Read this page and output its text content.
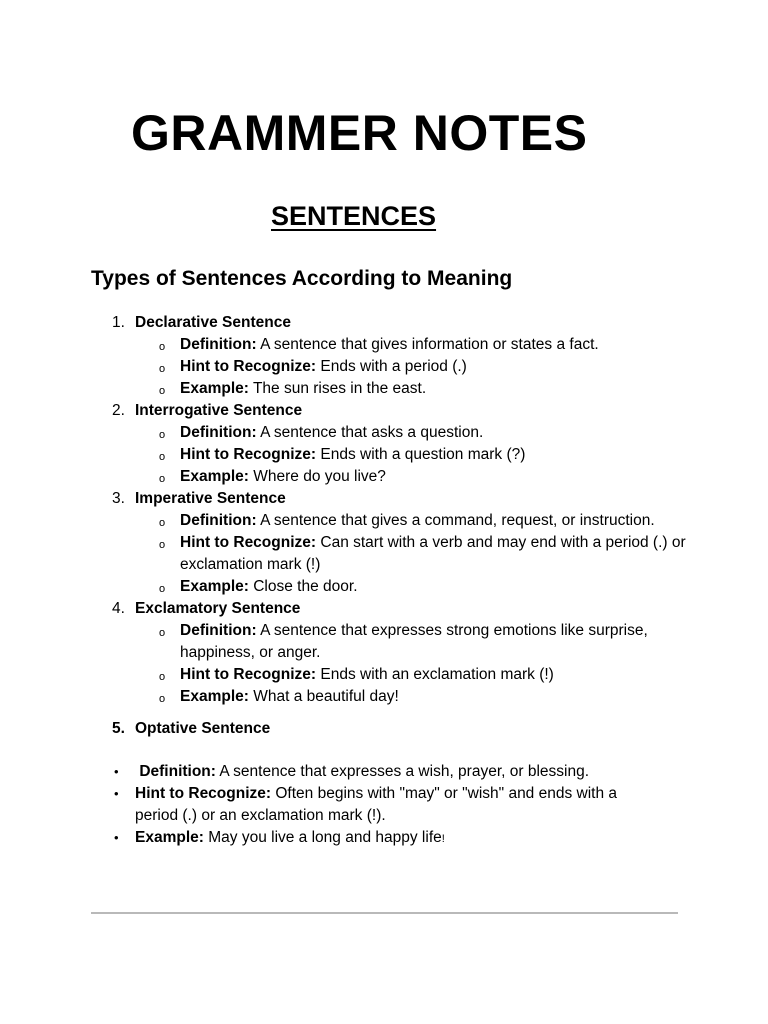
GRAMMER NOTES
SENTENCES
Types of Sentences According to Meaning
1. Declarative Sentence
o Definition: A sentence that gives information or states a fact.
o Hint to Recognize: Ends with a period (.)
o Example: The sun rises in the east.
2. Interrogative Sentence
o Definition: A sentence that asks a question.
o Hint to Recognize: Ends with a question mark (?)
o Example: Where do you live?
3. Imperative Sentence
o Definition: A sentence that gives a command, request, or instruction.
o Hint to Recognize: Can start with a verb and may end with a period (.) or exclamation mark (!)
o Example: Close the door.
4. Exclamatory Sentence
o Definition: A sentence that expresses strong emotions like surprise, happiness, or anger.
o Hint to Recognize: Ends with an exclamation mark (!)
o Example: What a beautiful day!
5. Optative Sentence
• Definition: A sentence that expresses a wish, prayer, or blessing.
• Hint to Recognize: Often begins with "may" or "wish" and ends with a period (.) or an exclamation mark (!).
• Example: May you live a long and happy life!
